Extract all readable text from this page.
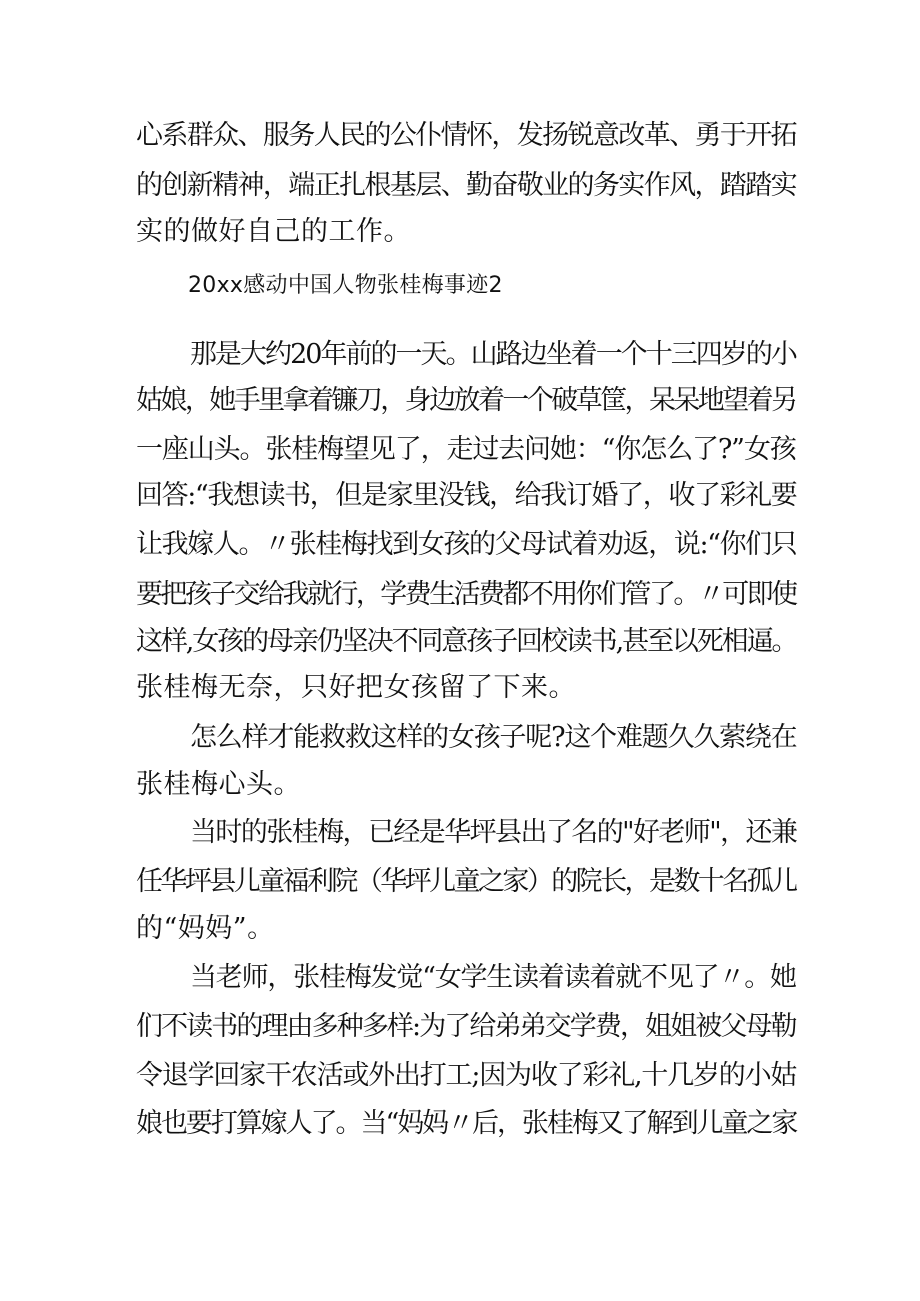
心系群众、服务人民的公仆情怀，发扬锐意改革、勇于开拓
的创新精神，端正扎根基层、勤奋敬业的务实作风，踏踏实
实的做好自己的工作。
20xx感动中国人物张桂梅事迹2
那是大约20年前的一天。山路边坐着一个十三四岁的小
姑娘，她手里拿着镰刀，身边放着一个破草筐，呆呆地望着另
一座山头。张桂梅望见了，走过去问她：“你怎么了?”女孩
回答:“我想读书，但是家里没钱，给我订婚了，收了彩礼要
让我嫁人。〃张桂梅找到女孩的父母试着劝返，说:“你们只
要把孩子交给我就行，学费生活费都不用你们管了。〃可即使
这样,女孩的母亲仍坚决不同意孩子回校读书,甚至以死相逼。
张桂梅无奈，只好把女孩留了下来。
怎么样才能救救这样的女孩子呢?这个难题久久萦绕在
张桂梅心头。
当时的张桂梅，已经是华坪县出了名的"好老师"，还兼
任华坪县儿童福利院（华坪儿童之家）的院长，是数十名孤儿
的“妈妈”。
当老师，张桂梅发觉“女学生读着读着就不见了〃。她
们不读书的理由多种多样:为了给弟弟交学费，姐姐被父母勒
令退学回家干农活或外出打工;因为收了彩礼,十几岁的小姑
娘也要打算嫁人了。当“妈妈〃后，张桂梅又了解到儿童之家
